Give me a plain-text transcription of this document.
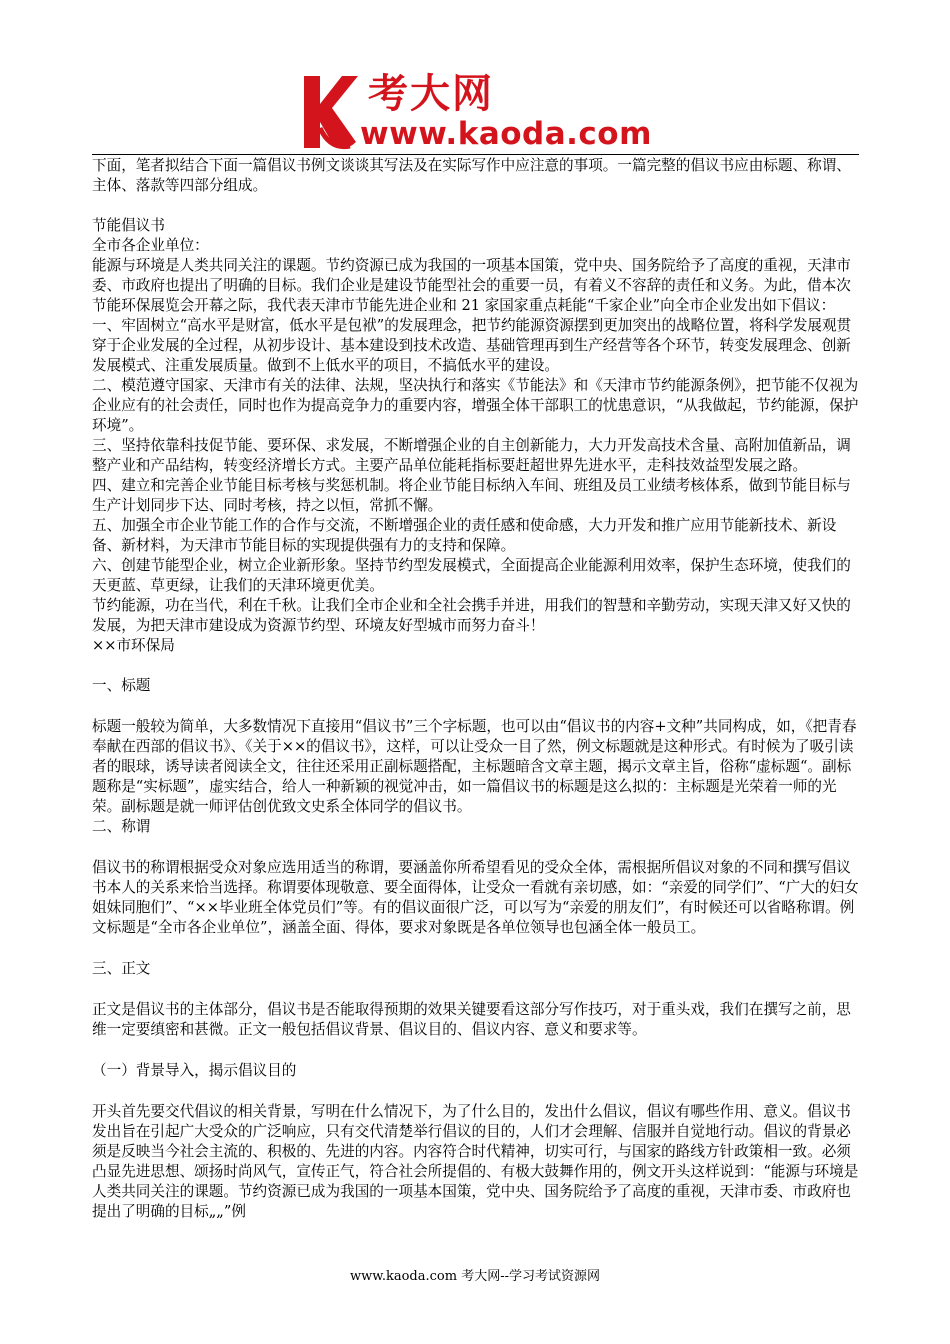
考大网
www.kaoda.com

下面，笔者拟结合下面一篇倡议书例文谈谈其写法及在实际写作中应注意的事项。一篇完整的倡议书应由标题、称谓、主体、落款等四部分组成。

节能倡议书

全市各企业单位：

能源与环境是人类共同关注的课题。节约资源已成为我国的一项基本国策，党中央、国务院给予了高度的重视，天津市委、市政府也提出了明确的目标。我们企业是建设节能型社会的重要一员，有着义不容辞的责任和义务。为此，借本次节能环保展览会开幕之际，我代表天津市节能先进企业和 21 家国家重点耗能“千家企业”向全市企业发出如下倡议：

一、牢固树立“高水平是财富，低水平是包袱”的发展理念，把节约能源资源摆到更加突出的战略位置，将科学发展观贯穿于企业发展的全过程，从初步设计、基本建设到技术改造、基础管理再到生产经营等各个环节，转变发展理念、创新发展模式、注重发展质量。做到不上低水平的项目，不搞低水平的建设。

二、模范遵守国家、天津市有关的法律、法规，坚决执行和落实《节能法》和《天津市节约能源条例》，把节能不仅视为企业应有的社会责任，同时也作为提高竞争力的重要内容，增强全体干部职工的忧患意识，“从我做起，节约能源，保护环境”。

三、坚持依靠科技促节能、要环保、求发展，不断增强企业的自主创新能力，大力开发高技术含量、高附加值新品，调整产业和产品结构，转变经济增长方式。主要产品单位能耗指标要赶超世界先进水平，走科技效益型发展之路。

四、建立和完善企业节能目标考核与奖惩机制。将企业节能目标纳入车间、班组及员工业绩考核体系，做到节能目标与生产计划同步下达、同时考核，持之以恒，常抓不懈。

五、加强全市企业节能工作的合作与交流，不断增强企业的责任感和使命感，大力开发和推广应用节能新技术、新设备、新材料，为天津市节能目标的实现提供强有力的支持和保障。

六、创建节能型企业，树立企业新形象。坚持节约型发展模式，全面提高企业能源利用效率，保护生态环境，使我们的天更蓝、草更绿，让我们的天津环境更优美。

节约能源，功在当代，利在千秋。让我们全市企业和全社会携手并进，用我们的智慧和辛勤劳动，实现天津又好又快的发展，为把天津市建设成为资源节约型、环境友好型城市而努力奋斗！

××市环保局

一、标题

标题一般较为简单，大多数情况下直接用“倡议书”三个字标题，也可以由“倡议书的内容+文种”共同构成，如，《把青春奉献在西部的倡议书》、《关于××的倡议书》，这样，可以让受众一目了然，例文标题就是这种形式。有时候为了吸引读者的眼球，诱导读者阅读全文，往往还采用正副标题搭配，主标题暗含文章主题，揭示文章主旨，俗称“虚标题“。副标题称是“实标题”，虚实结合，给人一种新颖的视觉冲击，如一篇倡议书的标题是这么拟的：主标题是光荣着一师的光荣。副标题是就一师评估创优致文史系全体同学的倡议书。

二、称谓

倡议书的称谓根据受众对象应选用适当的称谓，要涵盖你所希望看见的受众全体，需根据所倡议对象的不同和撰写倡议书本人的关系来恰当选择。称谓要体现敬意、要全面得体，让受众一看就有亲切感，如：“亲爱的同学们”、“广大的妇女姐妹同胞们”、“××毕业班全体党员们”等。有的倡议面很广泛，可以写为“亲爱的朋友们”，有时候还可以省略称谓。例文标题是“全市各企业单位”，涵盖全面、得体，要求对象既是各单位领导也包涵全体一般员工。

三、正文

正文是倡议书的主体部分，倡议书是否能取得预期的效果关键要看这部分写作技巧，对于重头戏，我们在撰写之前，思维一定要缜密和甚微。正文一般包括倡议背景、倡议目的、倡议内容、意义和要求等。

（一）背景导入，揭示倡议目的

开头首先要交代倡议的相关背景，写明在什么情况下，为了什么目的，发出什么倡议，倡议有哪些作用、意义。倡议书发出旨在引起广大受众的广泛响应，只有交代清楚举行倡议的目的，人们才会理解、信服并自觉地行动。倡议的背景必须是反映当今社会主流的、积极的、先进的内容。内容符合时代精神，切实可行，与国家的路线方针政策相一致。必须凸显先进思想、颂扬时尚风气，宣传正气，符合社会所提倡的、有极大鼓舞作用的，例文开头这样说到：“能源与环境是人类共同关注的课题。节约资源已成为我国的一项基本国策，党中央、国务院给予了高度的重视，天津市委、市政府也提出了明确的目标„„”例

www.kaoda.com 考大网--学习考试资源网
